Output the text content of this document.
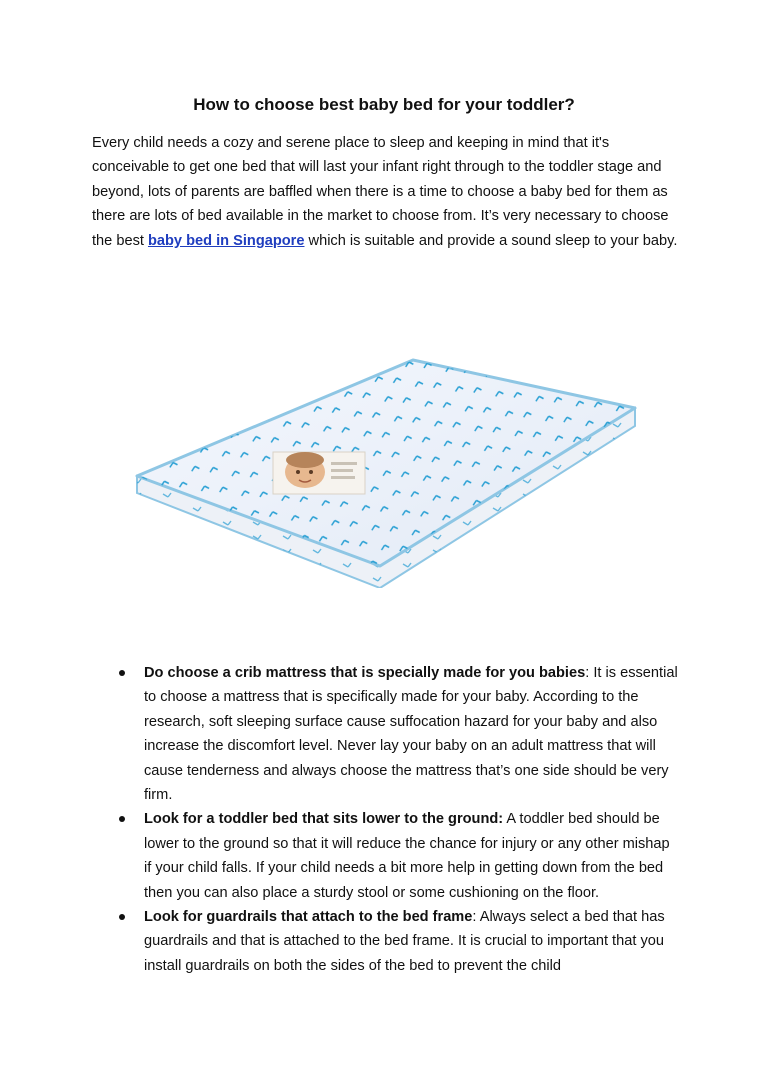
How to choose best baby bed for your toddler?

Every child needs a cozy and serene place to sleep and keeping in mind that it's conceivable to get one bed that will last your infant right through to the toddler stage and beyond, lots of parents are baffled when there is a time to choose a baby bed for them as there are lots of bed available in the market to choose from. It’s very necessary to choose the best baby bed in Singapore which is suitable and provide a sound sleep to your baby.

Do choose a crib mattress that is specially made for you babies: It is essential to choose a mattress that is specifically made for your baby. According to the research, soft sleeping surface cause suffocation hazard for your baby and also increase the discomfort level. Never lay your baby on an adult mattress that will cause tenderness and always choose the mattress that’s one side should be very firm.
Look for a toddler bed that sits lower to the ground: A toddler bed should be lower to the ground so that it will reduce the chance for injury or any other mishap if your child falls. If your child needs a bit more help in getting down from the bed then you can also place a sturdy stool or some cushioning on the floor.
Look for guardrails that attach to the bed frame: Always select a bed that has guardrails and that is attached to the bed frame. It is crucial to important that you install guardrails on both the sides of the bed to prevent the child
